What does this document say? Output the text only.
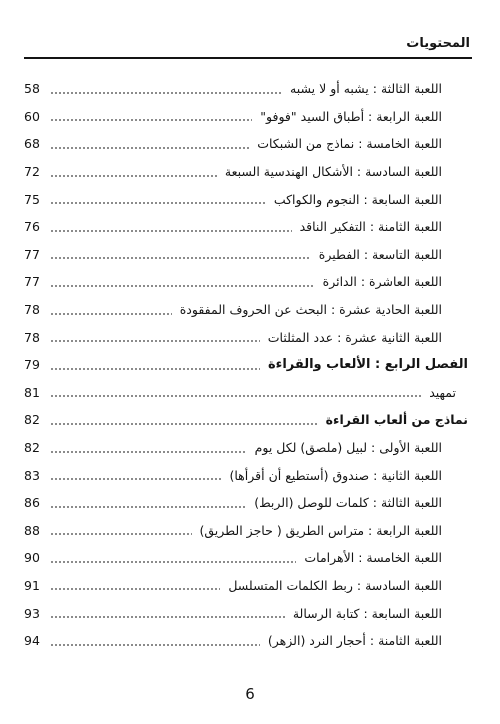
المحتويات
اللعبة الثالثة : يشبه أو لا يشبه
58
اللعبة الرابعة : أطباق السيد "فوفو"
60
اللعبة الخامسة : نماذج من الشبكات
68
اللعبة السادسة : الأشكال الهندسية السبعة
72
اللعبة السابعة : النجوم والكواكب
75
اللعبة الثامنة : التفكير الناقد
76
اللعبة التاسعة : الفطيرة
77
اللعبة العاشرة : الدائرة
77
اللعبة الحادية عشرة : البحث عن الحروف المفقودة
78
اللعبة الثانية عشرة : عدد المثلثات
78
الفصل الرابع : الألعاب والقراءة
79
تمهيد
81
نماذج من ألعاب القراءة
82
اللعبة الأولى : لبيل (ملصق) لكل يوم
82
اللعبة الثانية : صندوق (أستطيع أن أقرأها)
83
اللعبة الثالثة : كلمات للوصل (الربط)
86
اللعبة الرابعة : متراس الطريق ( حاجز الطريق)
88
اللعبة الخامسة : الأهرامات
90
اللعبة السادسة : ربط الكلمات المتسلسل
91
اللعبة السابعة : كتابة الرسالة
93
اللعبة الثامنة : أحجار النرد (الزهر)
94
6
